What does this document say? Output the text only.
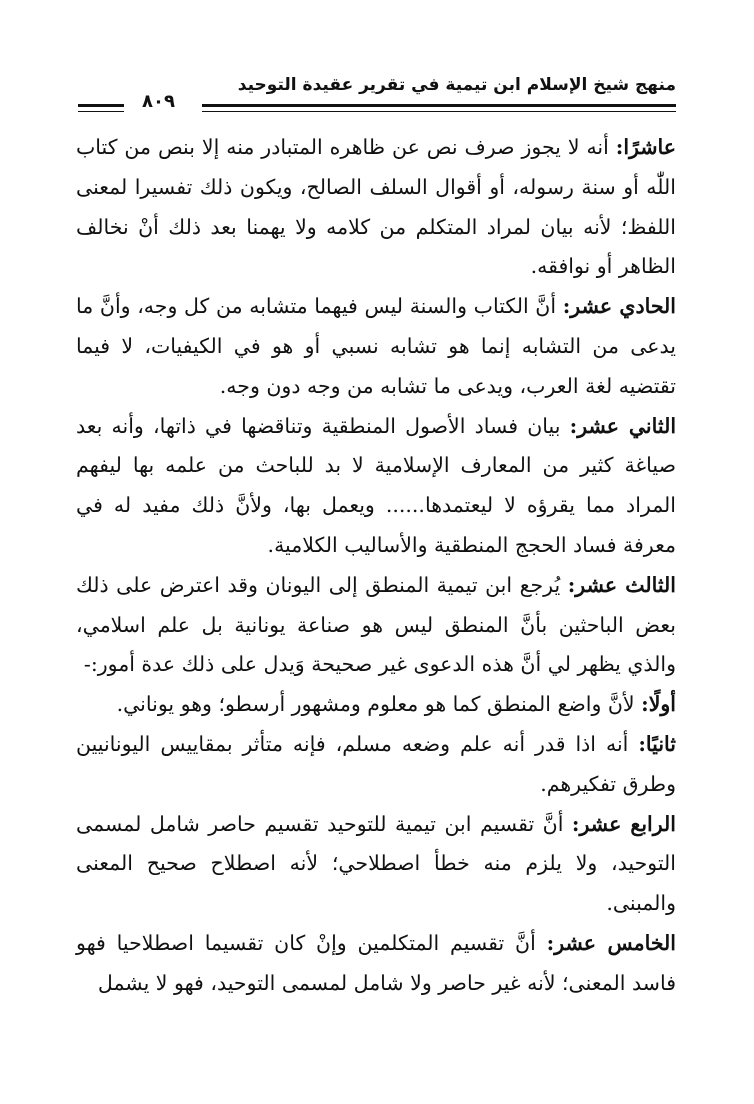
منهج شيخ الإسلام ابن تيمية في تقرير عقيدة التوحيد
٨٠٩

عاشرًا: أنه لا يجوز صرف نص عن ظاهره المتبادر منه إلا بنص من كتاب اللّٰه أو سنة رسوله، أو أقوال السلف الصالح، ويكون ذلك تفسيرا لمعنى اللفظ؛ لأنه بيان لمراد المتكلم من كلامه ولا يهمنا بعد ذلك أنْ نخالف الظاهر أو نوافقه.

الحادي عشر: أنَّ الكتاب والسنة ليس فيهما متشابه من كل وجه، وأنَّ ما يدعى من التشابه إنما هو تشابه نسبي أو هو في الكيفيات، لا فيما تقتضيه لغة العرب، ويدعى ما تشابه من وجه دون وجه.

الثاني عشر: بيان فساد الأصول المنطقية وتناقضها في ذاتها، وأنه بعد صياغة كثير من المعارف الإسلامية لا بد للباحث من علمه بها ليفهم المراد مما يقرؤه لا ليعتمدها...... ويعمل بها، ولأنَّ ذلك مفيد له في معرفة فساد الحجج المنطقية والأساليب الكلامية.

الثالث عشر: يُرجع ابن تيمية المنطق إلى اليونان وقد اعترض على ذلك بعض الباحثين بأنَّ المنطق ليس هو صناعة يونانية بل علم اسلامي، والذي يظهر لي أنَّ هذه الدعوى غير صحيحة وَيدل على ذلك عدة أمور:-

أولًا: لأنَّ واضع المنطق كما هو معلوم ومشهور أرسطو؛ وهو يوناني.

ثانيًا: أنه اذا قدر أنه علم وضعه مسلم، فإنه متأثر بمقاييس اليونانيين وطرق تفكيرهم.

الرابع عشر: أنَّ تقسيم ابن تيمية للتوحيد تقسيم حاصر شامل لمسمى التوحيد، ولا يلزم منه خطأ اصطلاحي؛ لأنه اصطلاح صحيح المعنى والمبنى.

الخامس عشر: أنَّ تقسيم المتكلمين وإنْ كان تقسيما اصطلاحيا فهو فاسد المعنى؛ لأنه غير حاصر ولا شامل لمسمى التوحيد، فهو لا يشمل
